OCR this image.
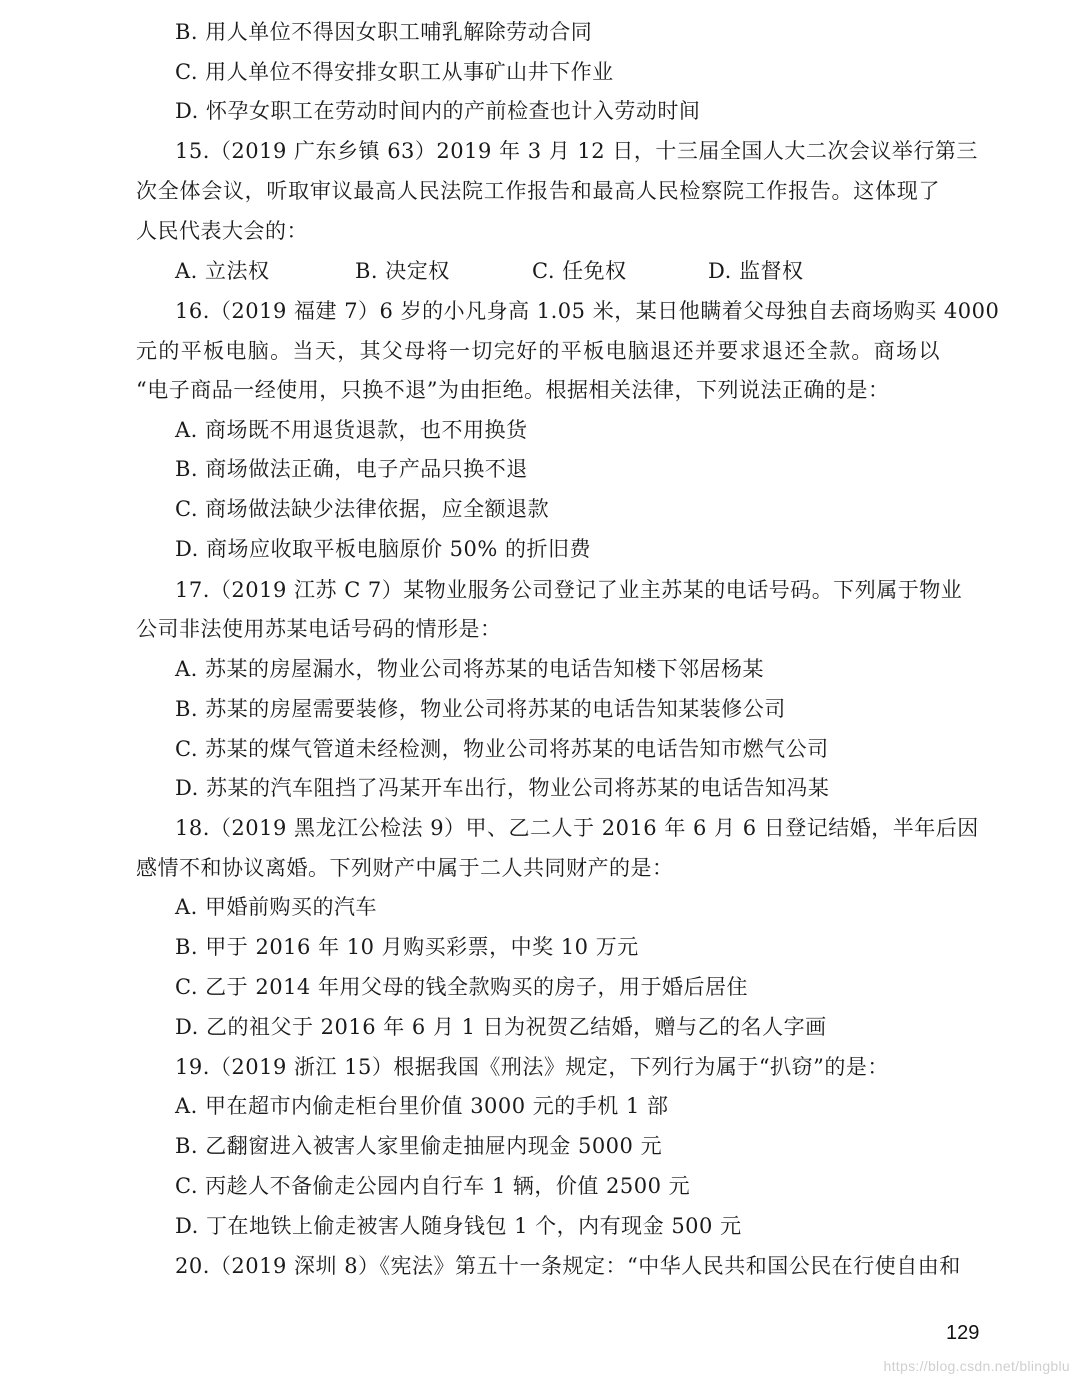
B. 用人单位不得因女职工哺乳解除劳动合同
C. 用人单位不得安排女职工从事矿山井下作业
D. 怀孕女职工在劳动时间内的产前检查也计入劳动时间
15.（2019 广东乡镇 63）2019 年 3 月 12 日，十三届全国人大二次会议举行第三
次全体会议，听取审议最高人民法院工作报告和最高人民检察院工作报告。这体现了
人民代表大会的：
A. 立法权	B. 决定权	C. 任免权	D. 监督权
16.（2019 福建 7）6 岁的小凡身高 1.05 米，某日他瞒着父母独自去商场购买 4000
元的平板电脑。当天，其父母将一切完好的平板电脑退还并要求退还全款。商场以
“电子商品一经使用，只换不退”为由拒绝。根据相关法律，下列说法正确的是：
A. 商场既不用退货退款，也不用换货
B. 商场做法正确，电子产品只换不退
C. 商场做法缺少法律依据，应全额退款
D. 商场应收取平板电脑原价 50% 的折旧费
17.（2019 江苏 C 7）某物业服务公司登记了业主苏某的电话号码。下列属于物业
公司非法使用苏某电话号码的情形是：
A. 苏某的房屋漏水，物业公司将苏某的电话告知楼下邻居杨某
B. 苏某的房屋需要装修，物业公司将苏某的电话告知某装修公司
C. 苏某的煤气管道未经检测，物业公司将苏某的电话告知市燃气公司
D. 苏某的汽车阻挡了冯某开车出行，物业公司将苏某的电话告知冯某
18.（2019 黑龙江公检法 9）甲、乙二人于 2016 年 6 月 6 日登记结婚，半年后因
感情不和协议离婚。下列财产中属于二人共同财产的是：
A. 甲婚前购买的汽车
B. 甲于 2016 年 10 月购买彩票，中奖 10 万元
C. 乙于 2014 年用父母的钱全款购买的房子，用于婚后居住
D. 乙的祖父于 2016 年 6 月 1 日为祝贺乙结婚，赠与乙的名人字画
19.（2019 浙江 15）根据我国《刑法》规定，下列行为属于“扒窃”的是：
A. 甲在超市内偷走柜台里价值 3000 元的手机 1 部
B. 乙翻窗进入被害人家里偷走抽屉内现金 5000 元
C. 丙趁人不备偷走公园内自行车 1 辆，价值 2500 元
D. 丁在地铁上偷走被害人随身钱包 1 个，内有现金 500 元
20.（2019 深圳 8）《宪法》第五十一条规定：“中华人民共和国公民在行使自由和
129
https://blog.csdn.net/blingblu
